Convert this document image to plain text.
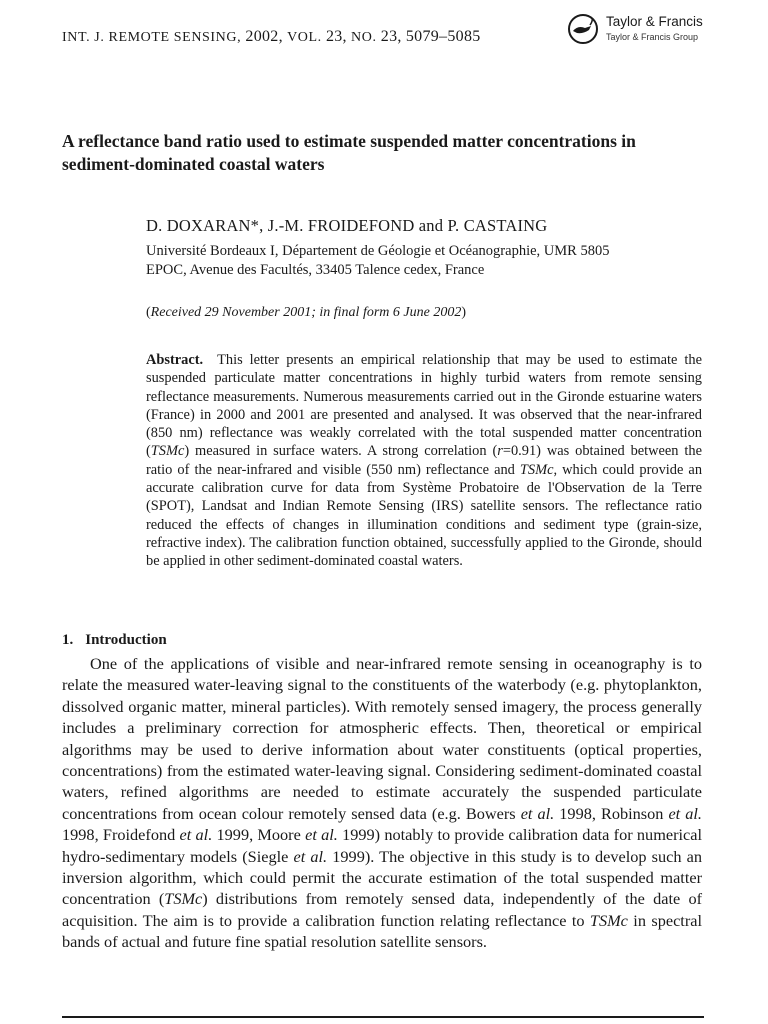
INT. J. REMOTE SENSING, 2002, VOL. 23, NO. 23, 5079–5085
Taylor & Francis
Taylor & Francis Group
A reflectance band ratio used to estimate suspended matter concentrations in sediment-dominated coastal waters
D. DOXARAN*, J.-M. FROIDEFOND and P. CASTAING
Université Bordeaux I, Département de Géologie et Océanographie, UMR 5805
EPOC, Avenue des Facultés, 33405 Talence cedex, France
(Received 29 November 2001; in final form 6 June 2002)
Abstract. This letter presents an empirical relationship that may be used to estimate the suspended particulate matter concentrations in highly turbid waters from remote sensing reflectance measurements. Numerous measurements carried out in the Gironde estuarine waters (France) in 2000 and 2001 are presented and analysed. It was observed that the near-infrared (850 nm) reflectance was weakly correlated with the total suspended matter concentration (TSMc) measured in surface waters. A strong correlation (r=0.91) was obtained between the ratio of the near-infrared and visible (550 nm) reflectance and TSMc, which could provide an accurate calibration curve for data from Système Probatoire de l'Observation de la Terre (SPOT), Landsat and Indian Remote Sensing (IRS) satellite sensors. The reflectance ratio reduced the effects of changes in illumination conditions and sediment type (grain-size, refractive index). The calibration function obtained, successfully applied to the Gironde, should be applied in other sediment-dominated coastal waters.
1. Introduction

One of the applications of visible and near-infrared remote sensing in oceanography is to relate the measured water-leaving signal to the constituents of the waterbody (e.g. phytoplankton, dissolved organic matter, mineral particles). With remotely sensed imagery, the process generally includes a preliminary correction for atmospheric effects. Then, theoretical or empirical algorithms may be used to derive information about water constituents (optical properties, concentrations) from the estimated water-leaving signal. Considering sediment-dominated coastal waters, refined algorithms are needed to estimate accurately the suspended particulate concentrations from ocean colour remotely sensed data (e.g. Bowers et al. 1998, Robinson et al. 1998, Froidefond et al. 1999, Moore et al. 1999) notably to provide calibration data for numerical hydro-sedimentary models (Siegle et al. 1999). The objective in this study is to develop such an inversion algorithm, which could permit the accurate estimation of the total suspended matter concentration (TSMc) distributions from remotely sensed data, independently of the date of acquisition. The aim is to provide a calibration function relating reflectance to TSMc in spectral bands of actual and future fine spatial resolution satellite sensors.
